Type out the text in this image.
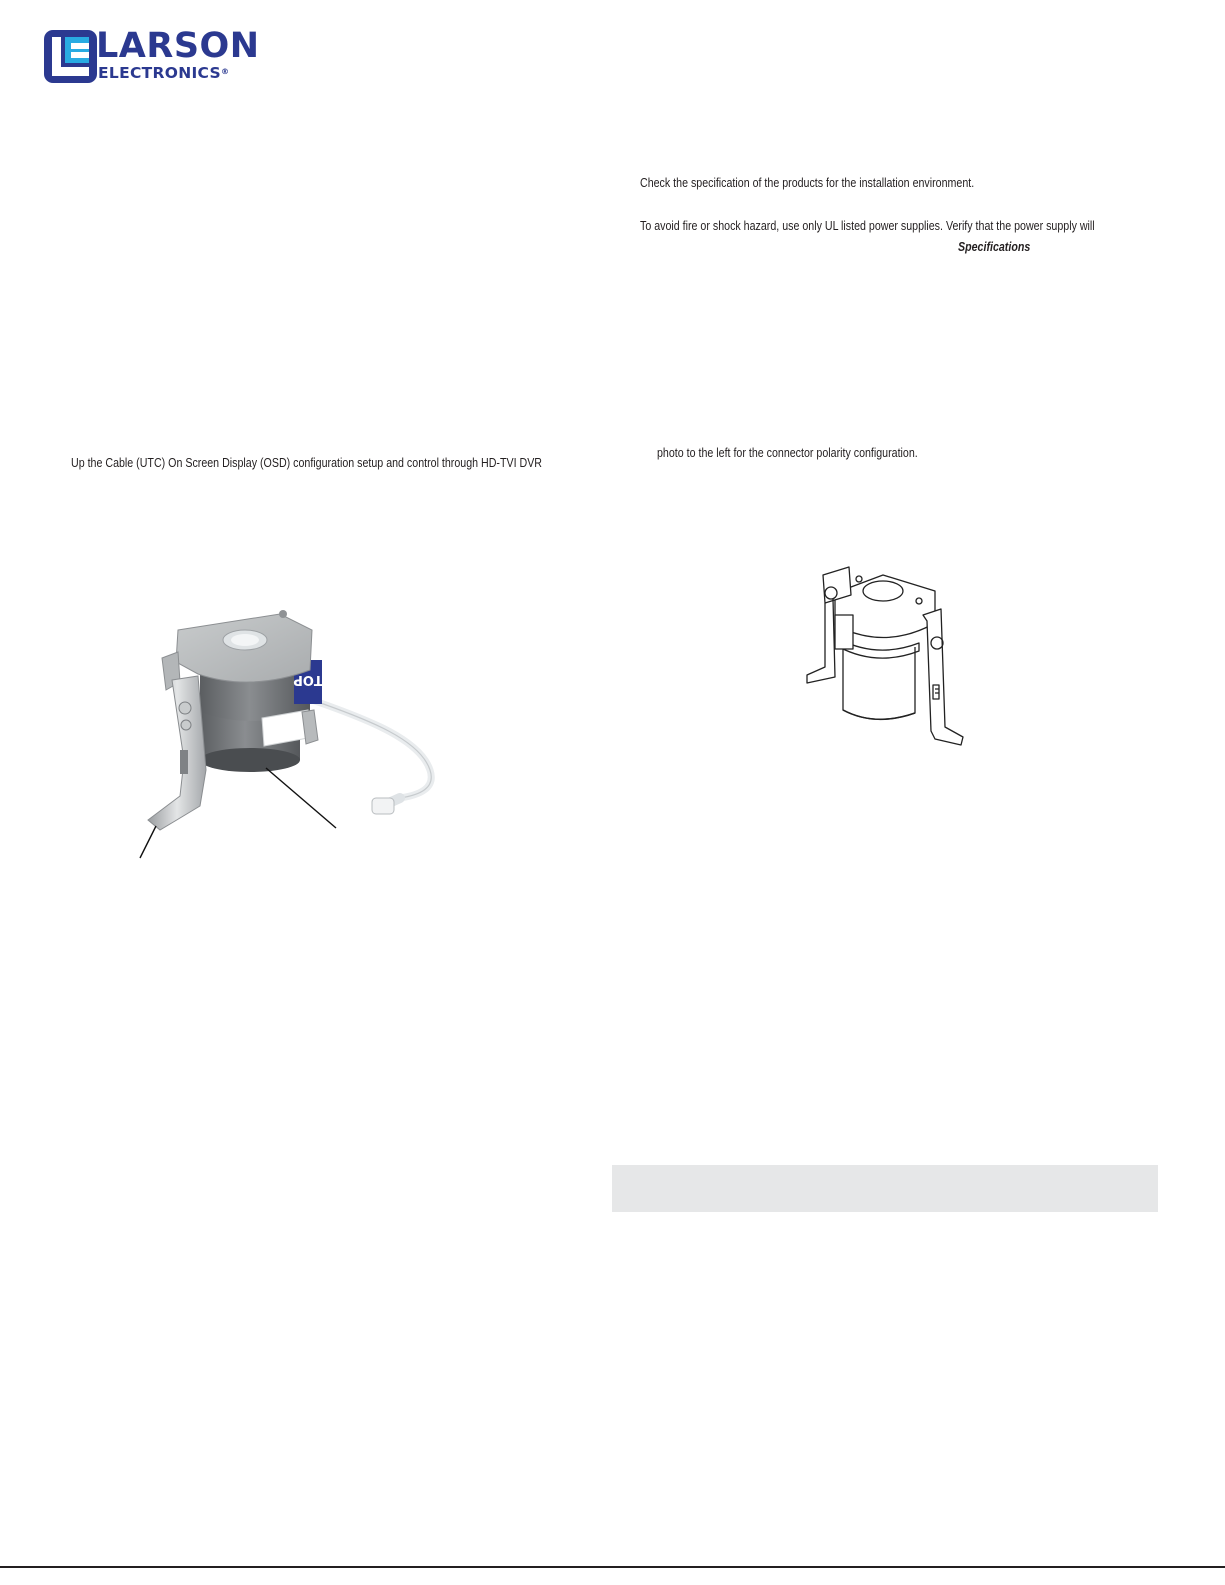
LARSON
ELECTRONICS®
Check the specification of the products for the installation environment.
To avoid fire or shock hazard, use only UL listed power supplies. Verify that the power supply will
Specifications
photo to the left for the connector polarity configuration.
Up the Cable (UTC) On Screen Display (OSD) configuration setup and control through HD-TVI DVR
TOP
